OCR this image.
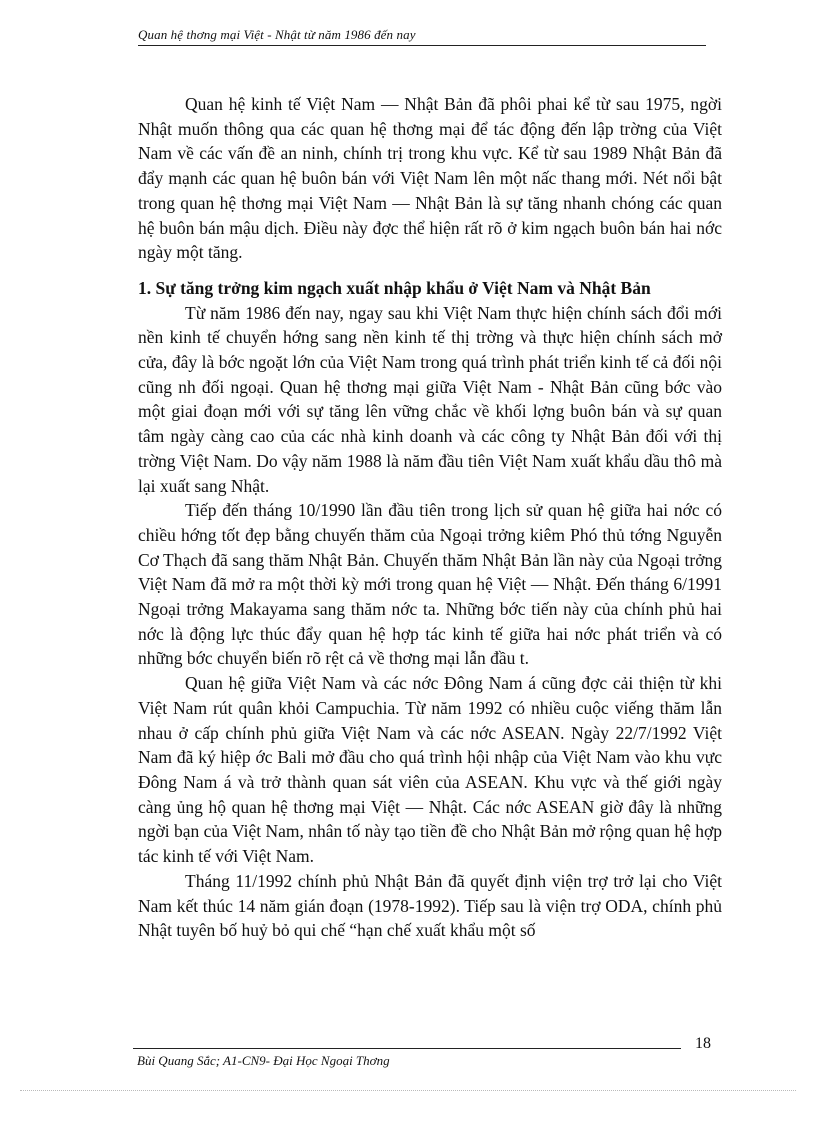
Quan hệ thơng mại Việt - Nhật từ năm 1986 đến nay

Quan hệ kinh tế Việt Nam — Nhật Bản đã phôi phai kể từ sau 1975, ngời Nhật muốn thông qua các quan hệ thơng mại để tác động đến lập trờng của Việt Nam về các vấn đề an ninh, chính trị trong khu vực. Kể từ sau 1989 Nhật Bản đã đẩy mạnh các quan hệ buôn bán với Việt Nam lên một nấc thang mới. Nét nổi bật trong quan hệ thơng mại Việt Nam — Nhật Bản là sự tăng nhanh chóng các quan hệ buôn bán mậu dịch. Điều này đợc thể hiện rất rõ ở kim ngạch buôn bán hai nớc ngày một tăng.

1. Sự tăng trởng kim ngạch xuất nhập khẩu ở Việt Nam và Nhật Bản

Từ năm 1986 đến nay, ngay sau khi Việt Nam thực hiện chính sách đổi mới nền kinh tế chuyển hớng sang nền kinh tế thị trờng và thực hiện chính sách mở cửa, đây là bớc ngoặt lớn của Việt Nam trong quá trình phát triển kinh tế cả đối nội cũng nh đối ngoại. Quan hệ thơng mại giữa Việt Nam - Nhật Bản cũng bớc vào một giai đoạn mới với sự tăng lên vững chắc về khối lợng buôn bán và sự quan tâm ngày càng cao của các nhà kinh doanh và các công ty Nhật Bản đối với thị trờng Việt Nam. Do vậy năm 1988 là năm đầu tiên Việt Nam xuất khẩu dầu thô mà lại xuất sang Nhật.

Tiếp đến tháng 10/1990 lần đầu tiên trong lịch sử quan hệ giữa hai nớc có chiều hớng tốt đẹp bằng chuyến thăm của Ngoại trởng kiêm Phó thủ tớng Nguyễn Cơ Thạch đã sang thăm Nhật Bản. Chuyến thăm Nhật Bản lần này của Ngoại trởng Việt Nam đã mở ra một thời kỳ mới trong quan hệ Việt — Nhật. Đến tháng 6/1991 Ngoại trởng Makayama sang thăm nớc ta. Những bớc tiến này của chính phủ hai nớc là động lực thúc đẩy quan hệ hợp tác kinh tế giữa hai nớc phát triển và có những bớc chuyển biến rõ rệt cả về thơng mại lẫn đầu t.

Quan hệ giữa Việt Nam và các nớc Đông Nam á cũng đợc cải thiện từ khi Việt Nam rút quân khỏi Campuchia. Từ năm 1992 có nhiều cuộc viếng thăm lẫn nhau ở cấp chính phủ giữa Việt Nam và các nớc ASEAN. Ngày 22/7/1992 Việt Nam đã ký hiệp ớc Bali mở đầu cho quá trình hội nhập của Việt Nam vào khu vực Đông Nam á và trở thành quan sát viên của ASEAN. Khu vực và thế giới ngày càng ủng hộ quan hệ thơng mại Việt — Nhật. Các nớc ASEAN giờ đây là những ngời bạn của Việt Nam, nhân tố này tạo tiền đề cho Nhật Bản mở rộng quan hệ hợp tác kinh tế với Việt Nam.

Tháng 11/1992 chính phủ Nhật Bản đã quyết định viện trợ trở lại cho Việt Nam kết thúc 14 năm gián đoạn (1978-1992). Tiếp sau là viện trợ ODA, chính phủ Nhật tuyên bố huỷ bỏ qui chế “hạn chế xuất khẩu một số

18
Bùi Quang Sắc; A1-CN9- Đại Học Ngoại Thơng
